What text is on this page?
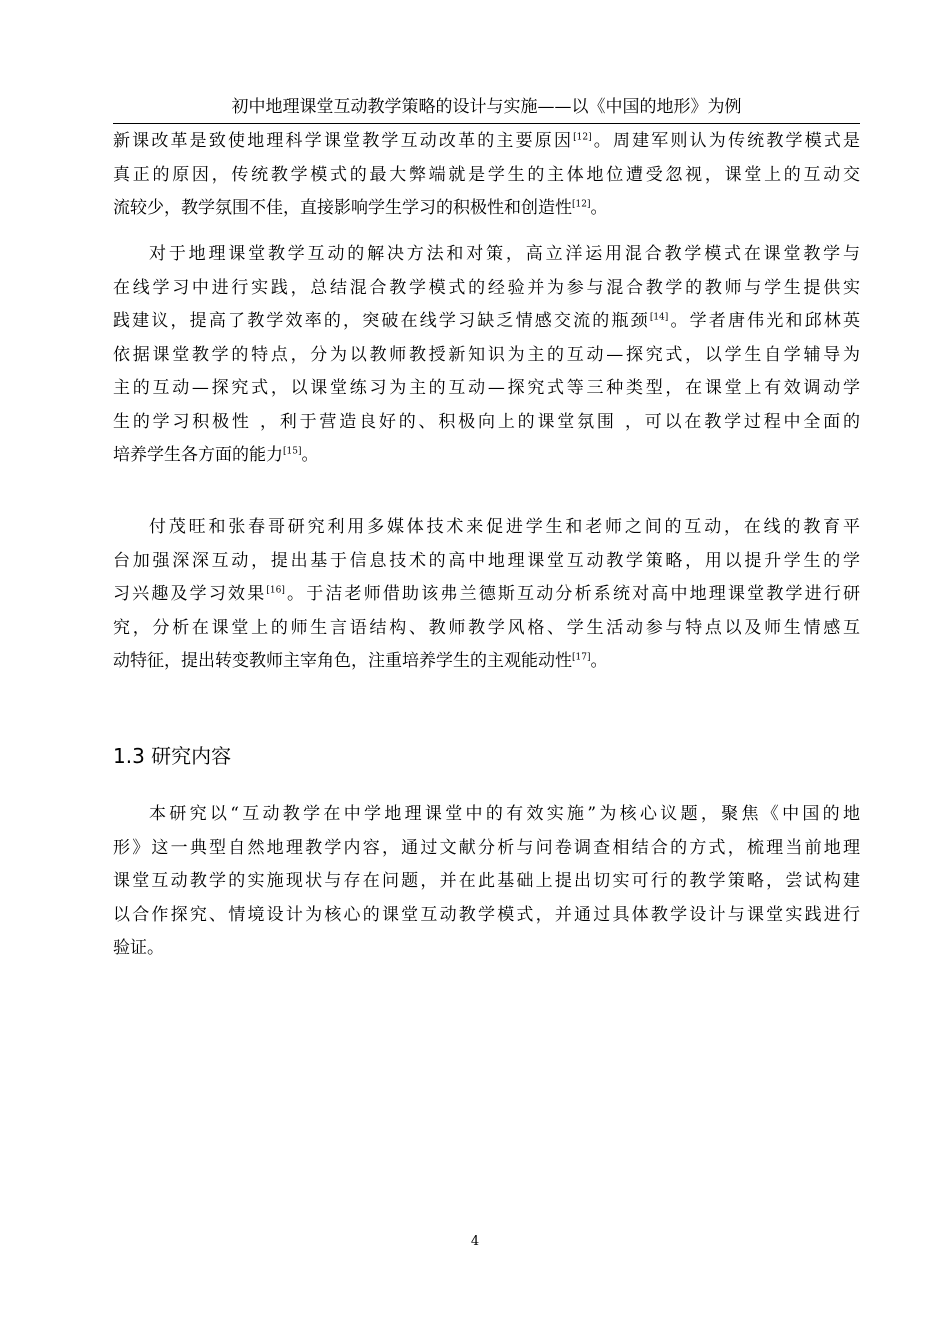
初中地理课堂互动教学策略的设计与实施——以《中国的地形》为例
新课改革是致使地理科学课堂教学互动改革的主要原因[12]。周建军则认为传统教学模式是
真正的原因，传统教学模式的最大弊端就是学生的主体地位遭受忽视，课堂上的互动交
流较少，教学氛围不佳，直接影响学生学习的积极性和创造性[12]。
对于地理课堂教学互动的解决方法和对策，高立洋运用混合教学模式在课堂教学与
在线学习中进行实践，总结混合教学模式的经验并为参与混合教学的教师与学生提供实
践建议，提高了教学效率的，突破在线学习缺乏情感交流的瓶颈[14]。学者唐伟光和邱林英
依据课堂教学的特点，分为以教师教授新知识为主的互动—探究式，以学生自学辅导为
主的互动—探究式，以课堂练习为主的互动—探究式等三种类型，在课堂上有效调动学
生的学习积极性 ，利于营造良好的、积极向上的课堂氛围 ，可以在教学过程中全面的
培养学生各方面的能力[15]。
付茂旺和张春哥研究利用多媒体技术来促进学生和老师之间的互动，在线的教育平
台加强深深互动，提出基于信息技术的高中地理课堂互动教学策略，用以提升学生的学
习兴趣及学习效果[16]。于洁老师借助该弗兰德斯互动分析系统对高中地理课堂教学进行研
究，分析在课堂上的师生言语结构、教师教学风格、学生活动参与特点以及师生情感互
动特征，提出转变教师主宰角色，注重培养学生的主观能动性[17]。
1.3 研究内容
本研究以“互动教学在中学地理课堂中的有效实施”为核心议题，聚焦《中国的地
形》这一典型自然地理教学内容，通过文献分析与问卷调查相结合的方式，梳理当前地理
课堂互动教学的实施现状与存在问题，并在此基础上提出切实可行的教学策略，尝试构建
以合作探究、情境设计为核心的课堂互动教学模式，并通过具体教学设计与课堂实践进行
验证。
4
